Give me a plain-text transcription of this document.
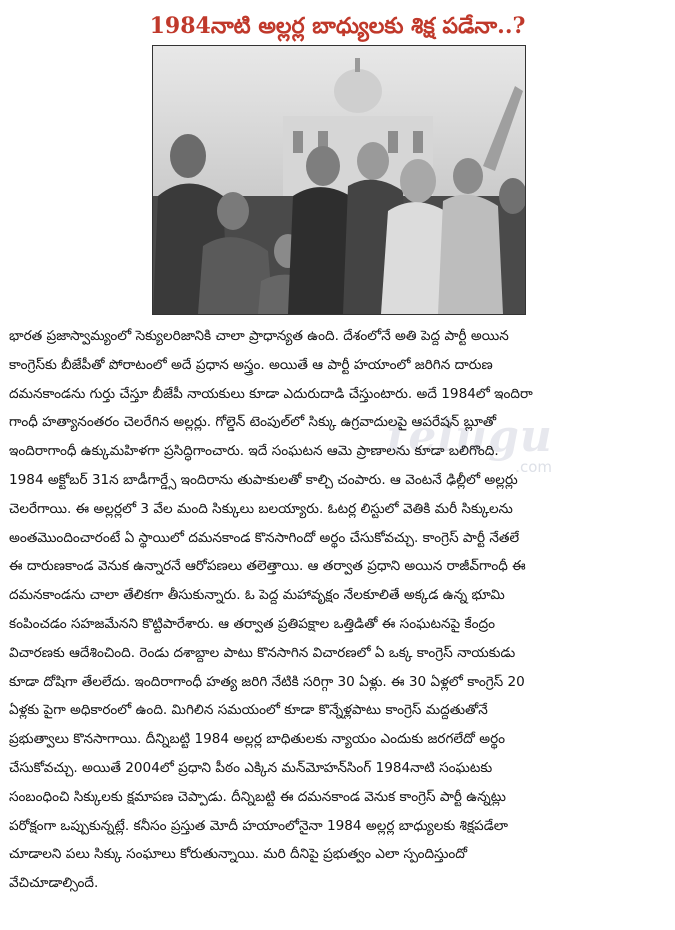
1984నాటి అల్లర్ల బాధ్యులకు శిక్ష పడేనా..?
telugu
.com
భారత ప్రజాస్వామ్యంలో సెక్యులరిజానికి చాలా ప్రాధాన్యత ఉంది. దేశంలోనే అతి పెద్ద పార్టీ అయిన
కాంగ్రెస్‌కు బీజేపీతో పోరాటంలో అదే ప్రధాన అస్త్రం. అయితే ఆ పార్టీ హయాంలో జరిగిన దారుణ
దమనకాండను గుర్తు చేస్తూ బీజేపీ నాయకులు కూడా ఎదురుదాడి చేస్తుంటారు. అదే 1984లో ఇందిరా
గాంధీ హత్యానంతరం చెలరేగిన అల్లర్లు. గోల్డెన్ టెంపుల్‌లో సిక్కు ఉగ్రవాదులపై ఆపరేషన్ బ్లూతో
ఇందిరాగాంధీ ఉక్కుమహిళగా ప్రసిద్ధిగాంచారు. ఇదే సంఘటన ఆమె ప్రాణాలను కూడా బలిగొంది.
1984 అక్టోబర్ 31న బాడీగార్డ్సే ఇందిరాను తుపాకులతో కాల్చి చంపారు. ఆ వెంటనే ఢిల్లీలో అల్లర్లు
చెలరేగాయి. ఈ అల్లర్లలో 3 వేల మంది సిక్కులు బలయ్యారు. ఓటర్ల లిస్టులో వెతికి మరీ సిక్కులను
అంతమొందించారంటే ఏ స్థాయిలో దమనకాండ కొనసాగిందో అర్థం చేసుకోవచ్చు. కాంగ్రెస్ పార్టీ నేతలే
ఈ దారుణకాండ వెనుక ఉన్నారనే ఆరోపణలు తలెత్తాయి. ఆ తర్వాత ప్రధాని అయిన రాజీవ్‌గాంధీ ఈ
దమనకాండను చాలా తేలికగా తీసుకున్నారు. ఓ పెద్ద మహావృక్షం నేలకూలితే అక్కడ ఉన్న భూమి
కంపించడం సహజమేనని కొట్టిపారేశారు. ఆ తర్వాత ప్రతిపక్షాల ఒత్తిడితో ఈ సంఘటనపై కేంద్రం
విచారణకు ఆదేశించింది. రెండు దశాబ్దాల పాటు కొనసాగిన విచారణలో ఏ ఒక్క కాంగ్రెస్ నాయకుడు
కూడా దోషిగా తేలలేదు. ఇందిరాగాంధీ హత్య జరిగి నేటికి సరిగ్గా 30 ఏళ్లు. ఈ 30 ఏళ్లలో కాంగ్రెస్ 20
ఏళ్లకు పైగా అధికారంలో ఉంది. మిగిలిన సమయంలో కూడా కొన్నేళ్లపాటు కాంగ్రెస్ మద్దతుతోనే
ప్రభుత్వాలు కొనసాగాయి. దీన్నిబట్టి 1984 అల్లర్ల బాధితులకు న్యాయం ఎందుకు జరగలేదో అర్థం
చేసుకోవచ్చు. అయితే 2004లో ప్రధాని పీఠం ఎక్కిన మన్‌మోహన్‌సింగ్ 1984నాటి సంఘటకు
సంబంధించి సిక్కులకు క్షమాపణ చెప్పాడు. దీన్నిబట్టి ఈ దమనకాండ వెనుక కాంగ్రెస్ పార్టీ ఉన్నట్లు
పరోక్షంగా ఒప్పుకున్నట్లే. కనీసం ప్రస్తుత మోదీ హయాంలోనైనా 1984 అల్లర్ల బాధ్యులకు శిక్షపడేలా
చూడాలని పలు సిక్కు సంఘాలు కోరుతున్నాయి. మరి దీనిపై ప్రభుత్వం ఎలా స్పందిస్తుందో
వేచిచూడాల్సిందే.
